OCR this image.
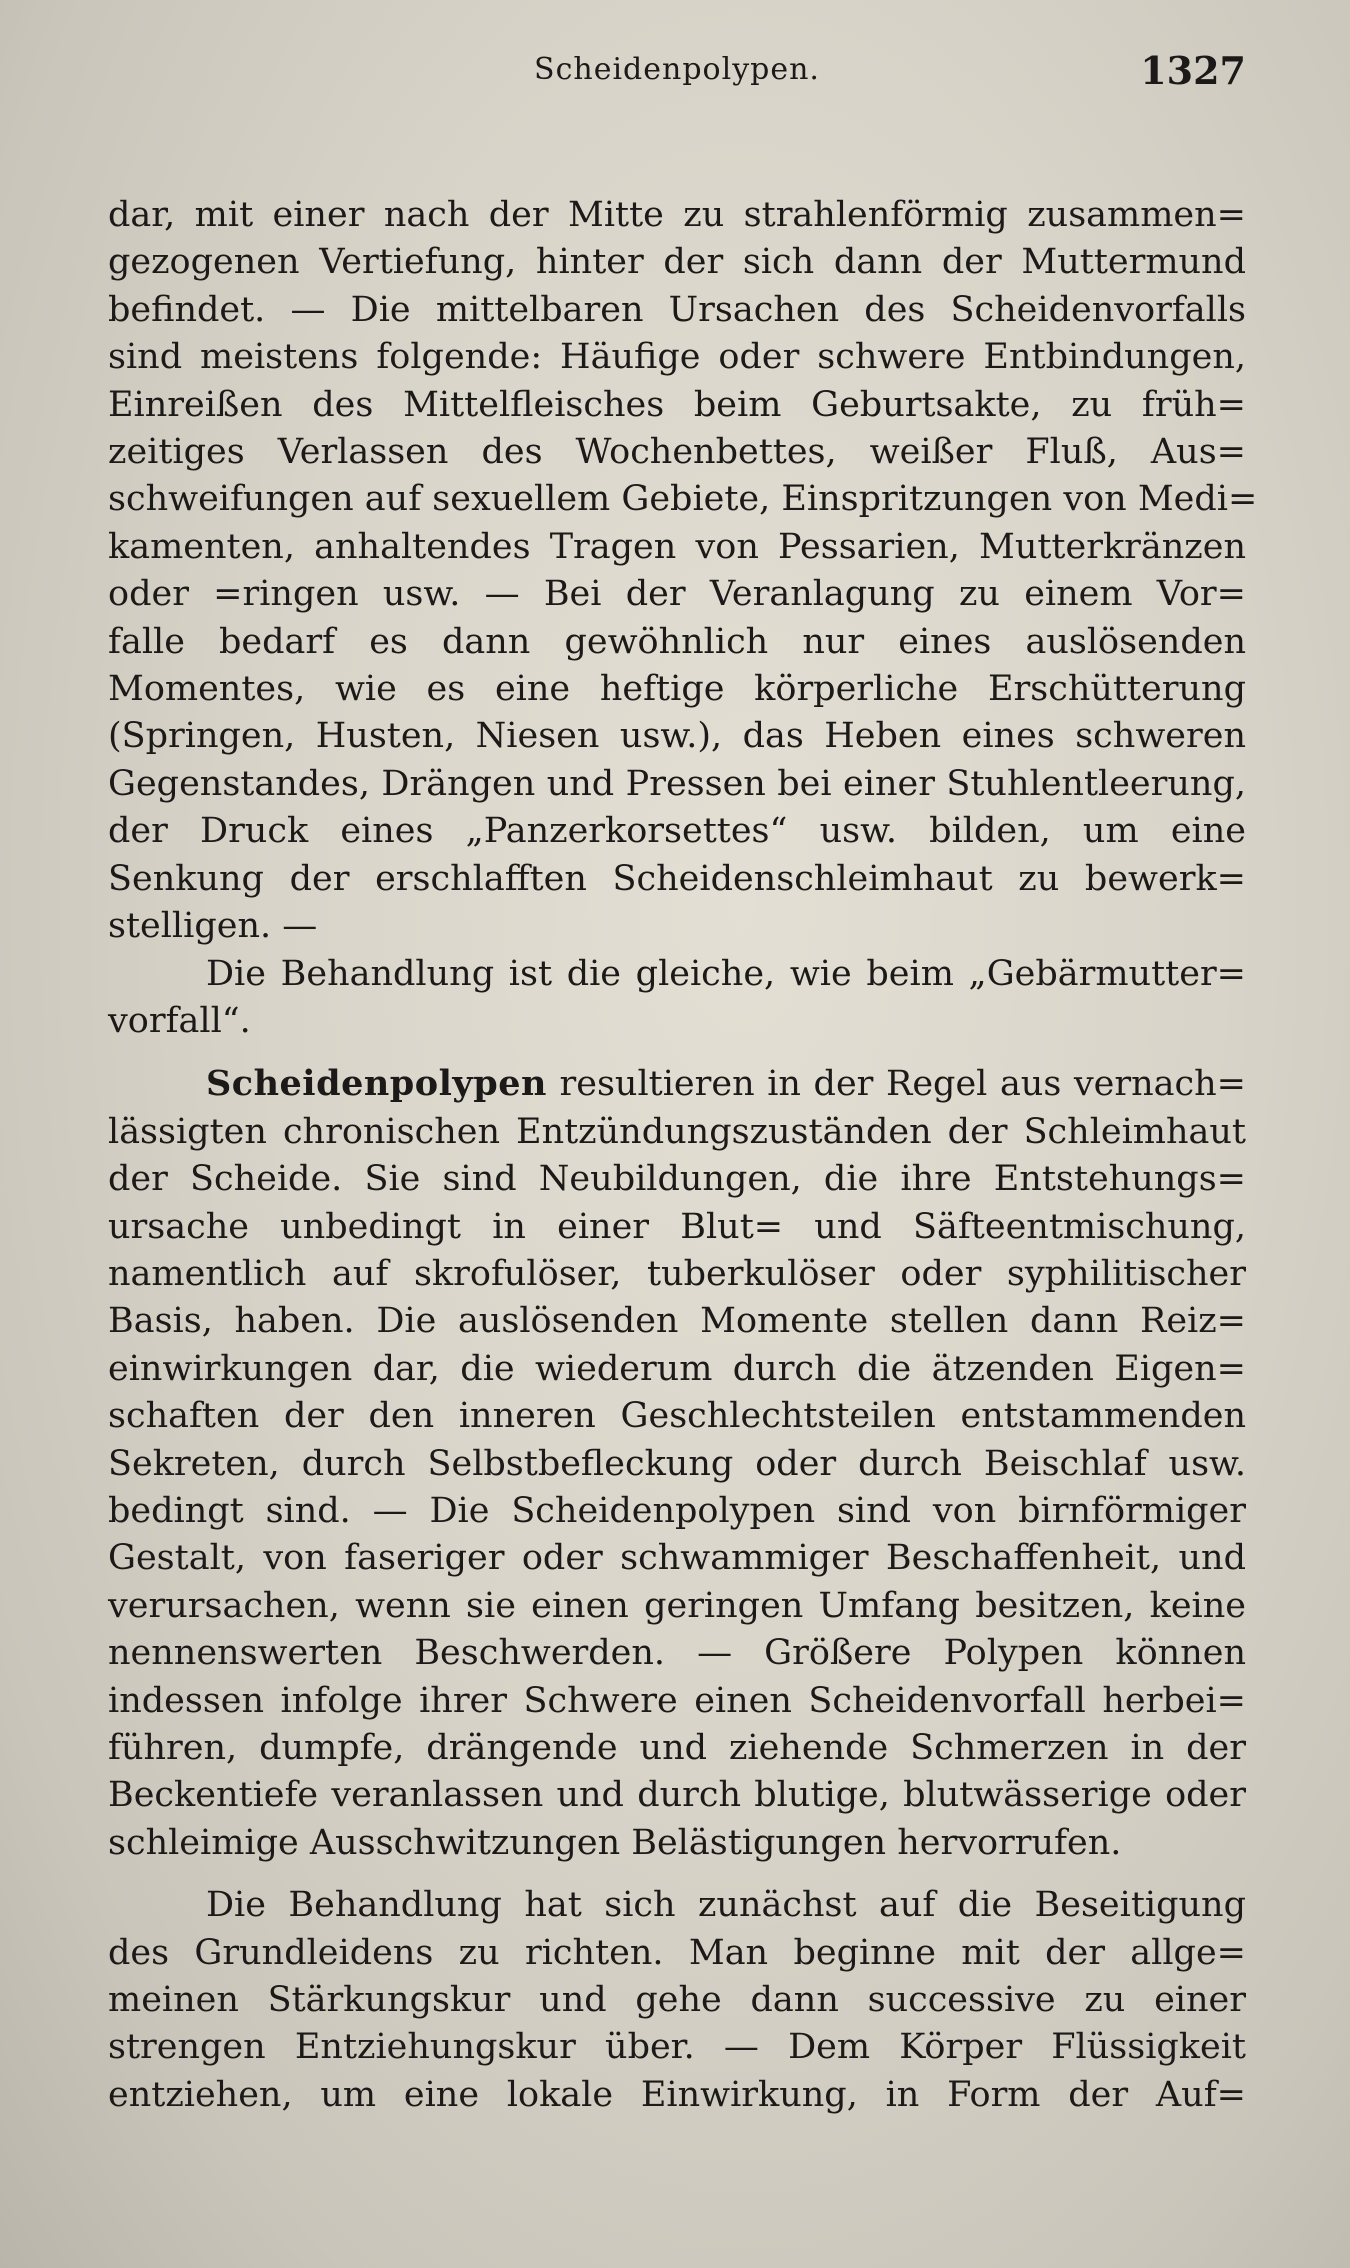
Scheidenpolypen.	1327
dar, mit einer nach der Mitte zu strahlenförmig zusammen=
gezogenen Vertiefung, hinter der sich dann der Muttermund
befindet. — Die mittelbaren Ursachen des Scheidenvorfalls
sind meistens folgende: Häufige oder schwere Entbindungen,
Einreißen des Mittelfleisches beim Geburtsakte, zu früh=
zeitiges Verlassen des Wochenbettes, weißer Fluß, Aus=
schweifungen auf sexuellem Gebiete, Einspritzungen von Medi=
kamenten, anhaltendes Tragen von Pessarien, Mutterkränzen
oder =ringen usw. — Bei der Veranlagung zu einem Vor=
falle bedarf es dann gewöhnlich nur eines auslösenden
Momentes, wie es eine heftige körperliche Erschütterung
(Springen, Husten, Niesen usw.), das Heben eines schweren
Gegenstandes, Drängen und Pressen bei einer Stuhlentleerung,
der Druck eines „Panzerkorsettes“ usw. bilden, um eine
Senkung der erschlafften Scheidenschleimhaut zu bewerk=
stelligen. —
Die Behandlung ist die gleiche, wie beim „Gebärmutter=
vorfall“.
Scheidenpolypen resultieren in der Regel aus vernach=
lässigten chronischen Entzündungszuständen der Schleimhaut
der Scheide. Sie sind Neubildungen, die ihre Entstehungs=
ursache unbedingt in einer Blut= und Säfteentmischung,
namentlich auf skrofulöser, tuberkulöser oder syphilitischer
Basis, haben. Die auslösenden Momente stellen dann Reiz=
einwirkungen dar, die wiederum durch die ätzenden Eigen=
schaften der den inneren Geschlechtsteilen entstammenden
Sekreten, durch Selbstbefleckung oder durch Beischlaf usw.
bedingt sind. — Die Scheidenpolypen sind von birnförmiger
Gestalt, von faseriger oder schwammiger Beschaffenheit, und
verursachen, wenn sie einen geringen Umfang besitzen, keine
nennenswerten Beschwerden. — Größere Polypen können
indessen infolge ihrer Schwere einen Scheidenvorfall herbei=
führen, dumpfe, drängende und ziehende Schmerzen in der
Beckentiefe veranlassen und durch blutige, blutwässerige oder
schleimige Ausschwitzungen Belästigungen hervorrufen.
Die Behandlung hat sich zunächst auf die Beseitigung
des Grundleidens zu richten. Man beginne mit der allge=
meinen Stärkungskur und gehe dann successive zu einer
strengen Entziehungskur über. — Dem Körper Flüssigkeit
entziehen, um eine lokale Einwirkung, in Form der Auf=
